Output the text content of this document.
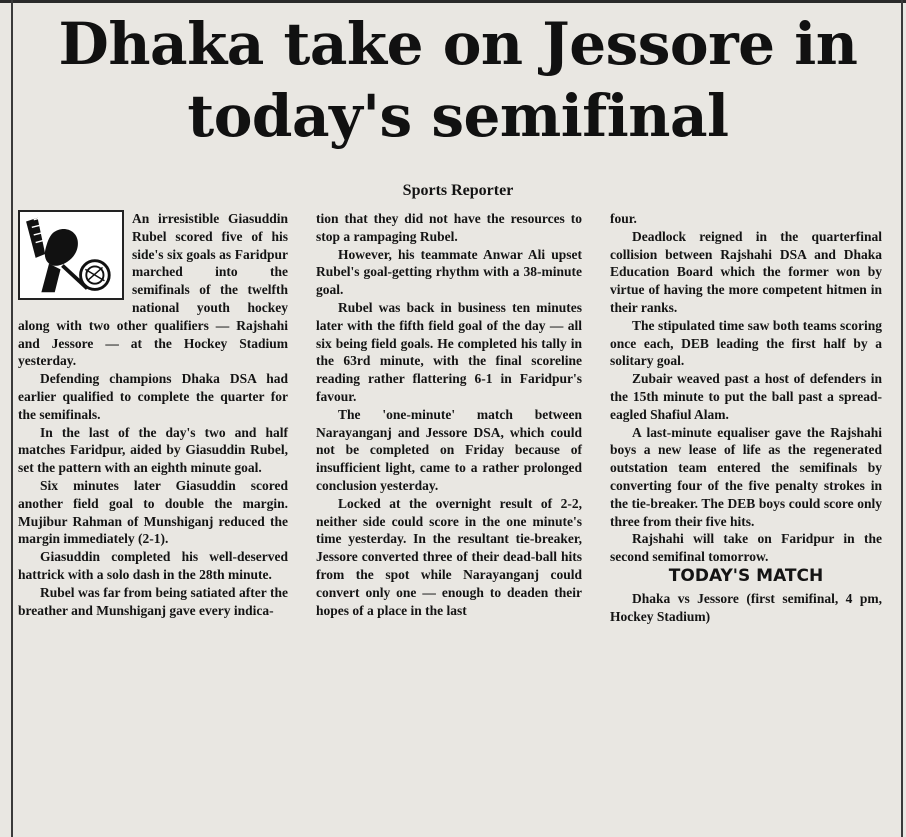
Dhaka take on Jessore in today's semifinal
Sports Reporter

An irresistible Giasuddin Rubel scored five of his side's six goals as Faridpur marched into the semifinals of the twelfth national youth hockey along with two other qualifiers — Rajshahi and Jessore — at the Hockey Stadium yesterday.

Defending champions Dhaka DSA had earlier qualified to complete the quarter for the semifinals.

In the last of the day's two and half matches Faridpur, aided by Giasuddin Rubel, set the pattern with an eighth minute goal.

Six minutes later Giasuddin scored another field goal to double the margin. Mujibur Rahman of Munshiganj reduced the margin immediately (2-1).

Giasuddin completed his well-deserved hattrick with a solo dash in the 28th minute.

Rubel was far from being satiated after the breather and Munshiganj gave every indica-

tion that they did not have the resources to stop a rampaging Rubel.

However, his teammate Anwar Ali upset Rubel's goal-getting rhythm with a 38-minute goal.

Rubel was back in business ten minutes later with the fifth field goal of the day — all six being field goals. He completed his tally in the 63rd minute, with the final scoreline reading rather flattering 6-1 in Faridpur's favour.

The 'one-minute' match between Narayanganj and Jessore DSA, which could not be completed on Friday because of insufficient light, came to a rather prolonged conclusion yesterday.

Locked at the overnight result of 2-2, neither side could score in the one minute's time yesterday. In the resultant tie-breaker, Jessore converted three of their dead-ball hits from the spot while Narayanganj could convert only one — enough to deaden their hopes of a place in the last

four.

Deadlock reigned in the quarterfinal collision between Rajshahi DSA and Dhaka Education Board which the former won by virtue of having the more competent hitmen in their ranks.

The stipulated time saw both teams scoring once each, DEB leading the first half by a solitary goal.

Zubair weaved past a host of defenders in the 15th minute to put the ball past a spread-eagled Shafiul Alam.

A last-minute equaliser gave the Rajshahi boys a new lease of life as the regenerated outstation team entered the semifinals by converting four of the five penalty strokes in the tie-breaker. The DEB boys could score only three from their five hits.

Rajshahi will take on Faridpur in the second semifinal tomorrow.

TODAY'S MATCH

Dhaka vs Jessore (first semifinal, 4 pm, Hockey Stadium)
